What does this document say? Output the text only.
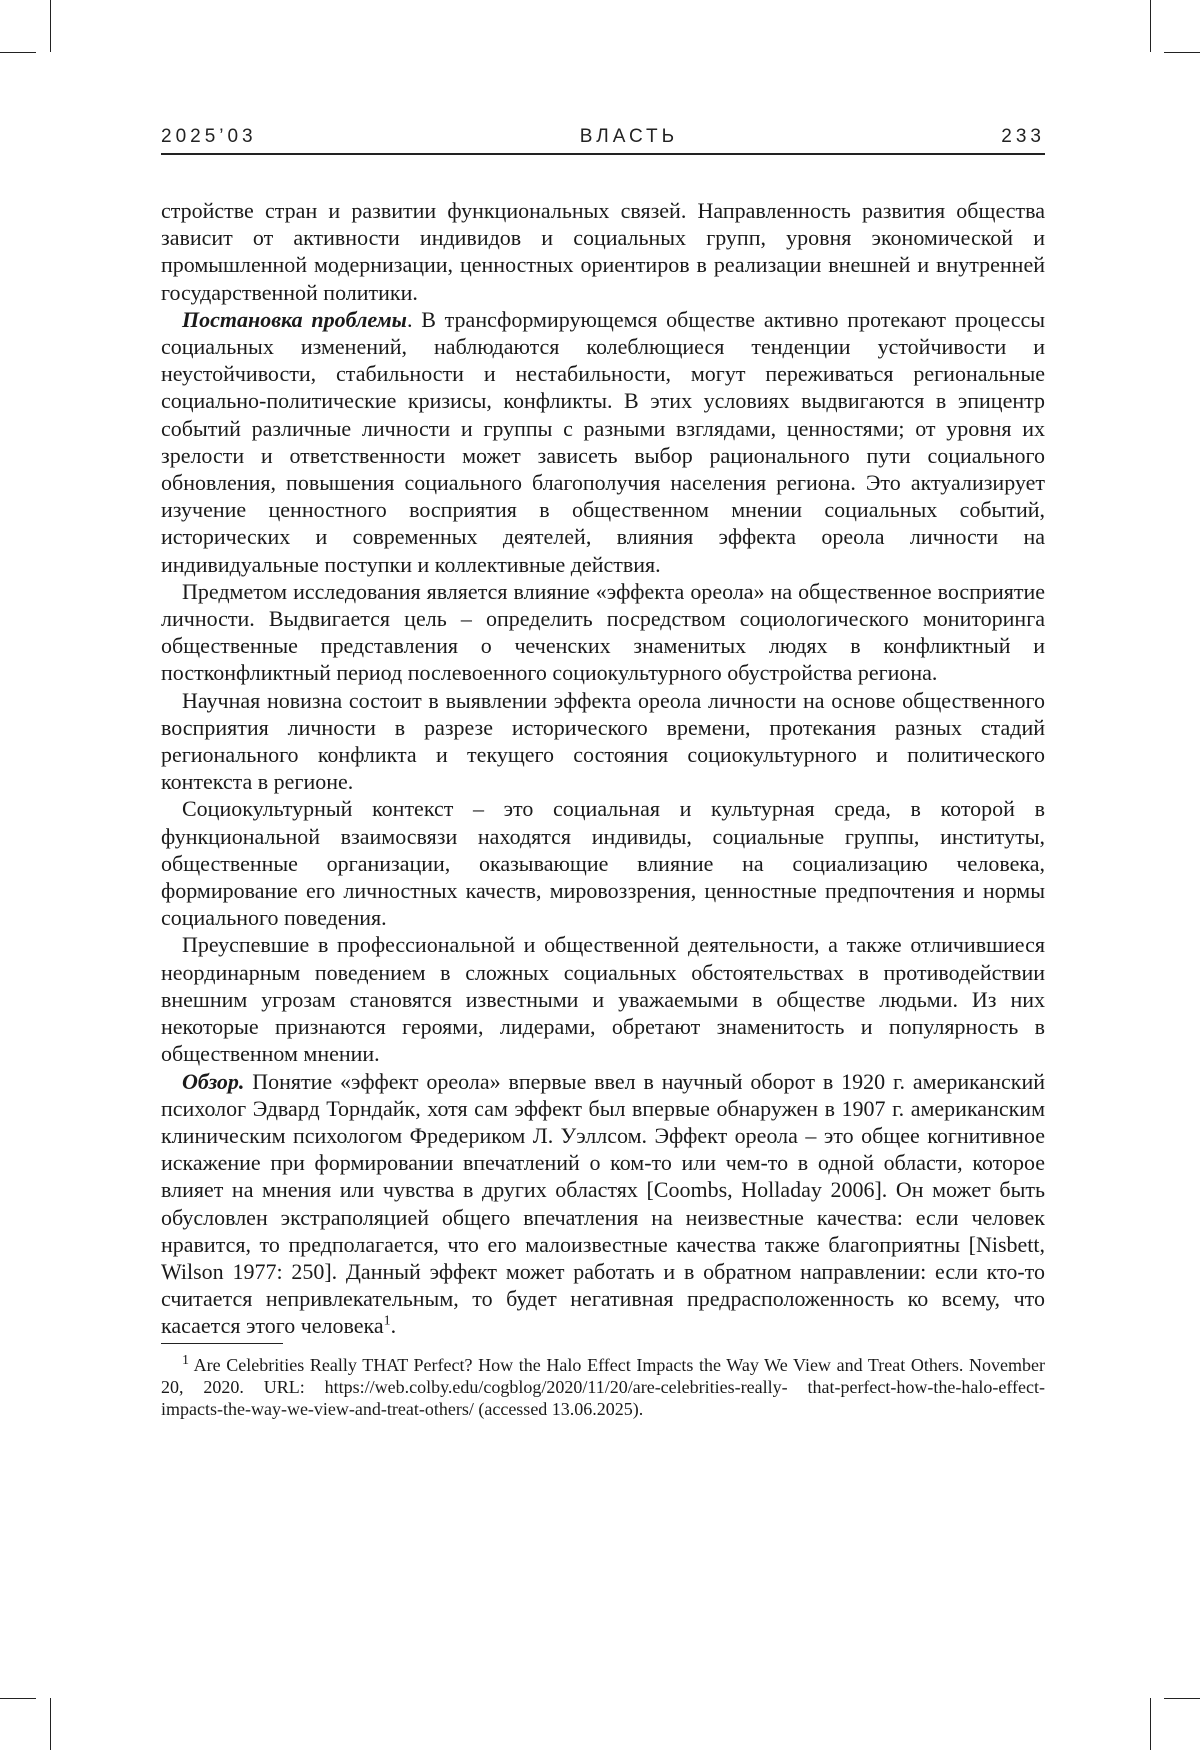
2025’03	ВЛАСТЬ	233

стройстве стран и развитии функциональных связей. Направленность развития общества зависит от активности индивидов и социальных групп, уровня экономической и промышленной модернизации, ценностных ориентиров в реализации внешней и внутренней государственной политики.

Постановка проблемы. В трансформирующемся обществе активно протекают процессы социальных изменений, наблюдаются колеблющиеся тенденции устойчивости и неустойчивости, стабильности и нестабильности, могут переживаться региональные социально-политические кризисы, конфликты. В этих условиях выдвигаются в эпицентр событий различные личности и группы с разными взглядами, ценностями; от уровня их зрелости и ответственности может зависеть выбор рационального пути социального обновления, повышения социального благополучия населения региона. Это актуализирует изучение ценностного восприятия в общественном мнении социальных событий, исторических и современных деятелей, влияния эффекта ореола личности на индивидуальные поступки и коллективные действия.

Предметом исследования является влияние «эффекта ореола» на общественное восприятие личности. Выдвигается цель – определить посредством социологического мониторинга общественные представления о чеченских знаменитых людях в конфликтный и постконфликтный период послевоенного социокультурного обустройства региона.

Научная новизна состоит в выявлении эффекта ореола личности на основе общественного восприятия личности в разрезе исторического времени, протекания разных стадий регионального конфликта и текущего состояния социокультурного и политического контекста в регионе.

Социокультурный контекст – это социальная и культурная среда, в которой в функциональной взаимосвязи находятся индивиды, социальные группы, институты, общественные организации, оказывающие влияние на социализацию человека, формирование его личностных качеств, мировоззрения, ценностные предпочтения и нормы социального поведения.

Преуспевшие в профессиональной и общественной деятельности, а также отличившиеся неординарным поведением в сложных социальных обстоятельствах в противодействии внешним угрозам становятся известными и уважаемыми в обществе людьми. Из них некоторые признаются героями, лидерами, обретают знаменитость и популярность в общественном мнении.

Обзор. Понятие «эффект ореола» впервые ввел в научный оборот в 1920 г. американский психолог Эдвард Торндайк, хотя сам эффект был впервые обнаружен в 1907 г. американским клиническим психологом Фредериком Л. Уэллсом. Эффект ореола – это общее когнитивное искажение при формировании впечатлений о ком-то или чем-то в одной области, которое влияет на мнения или чувства в других областях [Coombs, Holladay 2006]. Он может быть обусловлен экстраполяцией общего впечатления на неизвестные качества: если человек нравится, то предполагается, что его малоизвестные качества также благоприятны [Nisbett, Wilson 1977: 250]. Данный эффект может работать и в обратном направлении: если кто-то считается непривлекательным, то будет негативная предрасположенность ко всему, что касается этого человека1.

1 Are Celebrities Really THAT Perfect? How the Halo Effect Impacts the Way We View and Treat Others. November 20, 2020. URL: https://web.colby.edu/cogblog/2020/11/20/are-celebrities-really- that-perfect-how-the-halo-effect-impacts-the-way-we-view-and-treat-others/ (accessed 13.06.2025).
